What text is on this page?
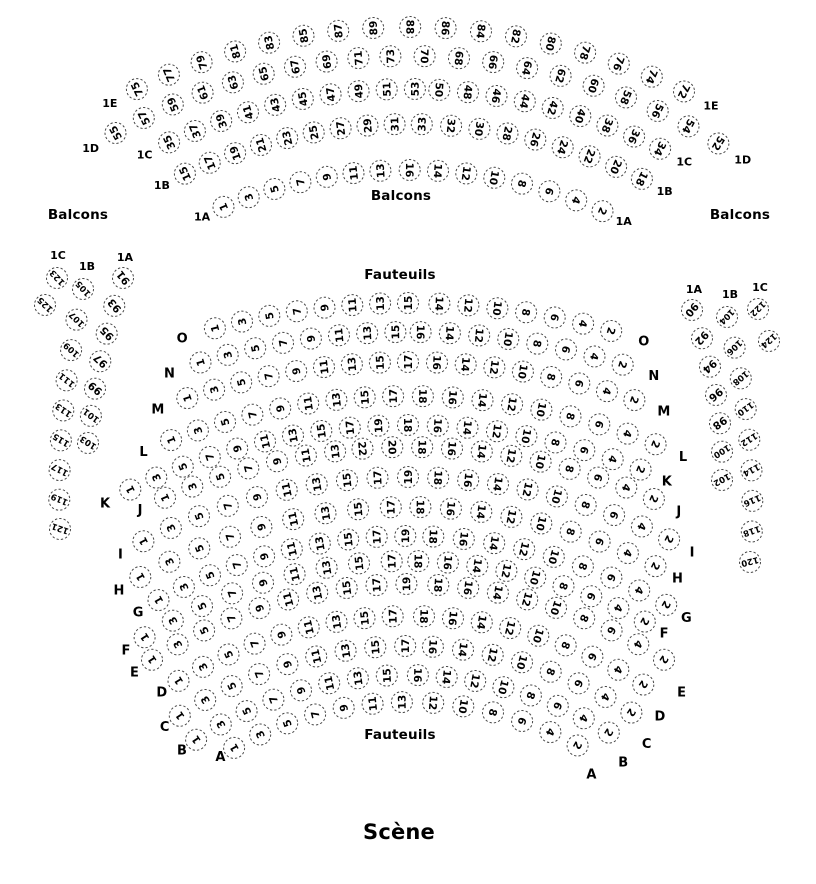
1
3
5
7
9 11 13 16 14 12 10 8
6
4
2
1A	1A
15
17
19 21 23 25 27 29 31 33 32 30 28 26 24
22
20
18
1B	1B
35
37
39 41 43 45 47 49 51 53 50 48 46 44 42 40
38
36
34
1C
1C
55
57
59
61
63 65 67 69 71 73 70 68 66 64 62
60
58
56
54
52
1D
1D
75
77
79
81
83 85 87 89 88 86 84 82 80
78
76
74
72
1E	1E
91
93
95
97
99
101
103
1A
105
107
109
111
113
115
117
119
121
1B
123
125
1C
90
92
94
96
98
100
102
1A
104
106
108
110
112
114
116
118
120
1B
122
124
1C
1
3
5 7 9 11 13 15 14 12 10 8
6
4
2
O	O
1
3
5
7 9 11 13 15 16 14 12 10 8
6
4
2
N	N
1
3
5
7
9 11 13 15 17 16 14 12 10 8
6
4
2
M	M
1
3
5
7
9 11 13 15 17 18 16 14 12 10 8
6
4
2
L	L
1
3
5
7
9 11 13 15 17 19 18 16 14 12 10 8
6
4
2
K
K
1
3
5
7
9 11 13 22 20 18 16 14 12 10 8
6
4
2
J	J
1
3
5
7
9 11 13 15 17 19 18 16 14 12 10 8
6
4
2
I	I
1
3
5
7
9 11 13 15 17 18 16 14 12 10 8
6
4
2
H
H
1
3
5
7
9 11 13 15 17 19 18 16 14 12 10
8
6
4
2
G	G
1
3
5
7
9
11 13 15 17 18 16 14 12 10 8
6
4
2
F
F
1
3
5
7
9 11 13 15 17 19 18 16 14 12 10
8
6
4
2
E
E
1
3
5
7
9 11 13 15 17 18 16 14 12 10
8
6
4
2
D
D
1
3
5
7
9 11 13 15 17 16 14 12 10
8
6
4
2
C
C
1
3
5
7
9 11 13 15 16 14 12 10 8
6
4
2
B
B
1
3
5
7
9 11 13 12 10 8
6
4
2
A
A
Balcons
Balcons
Balcons
Fauteuils
Fauteuils
Scène
